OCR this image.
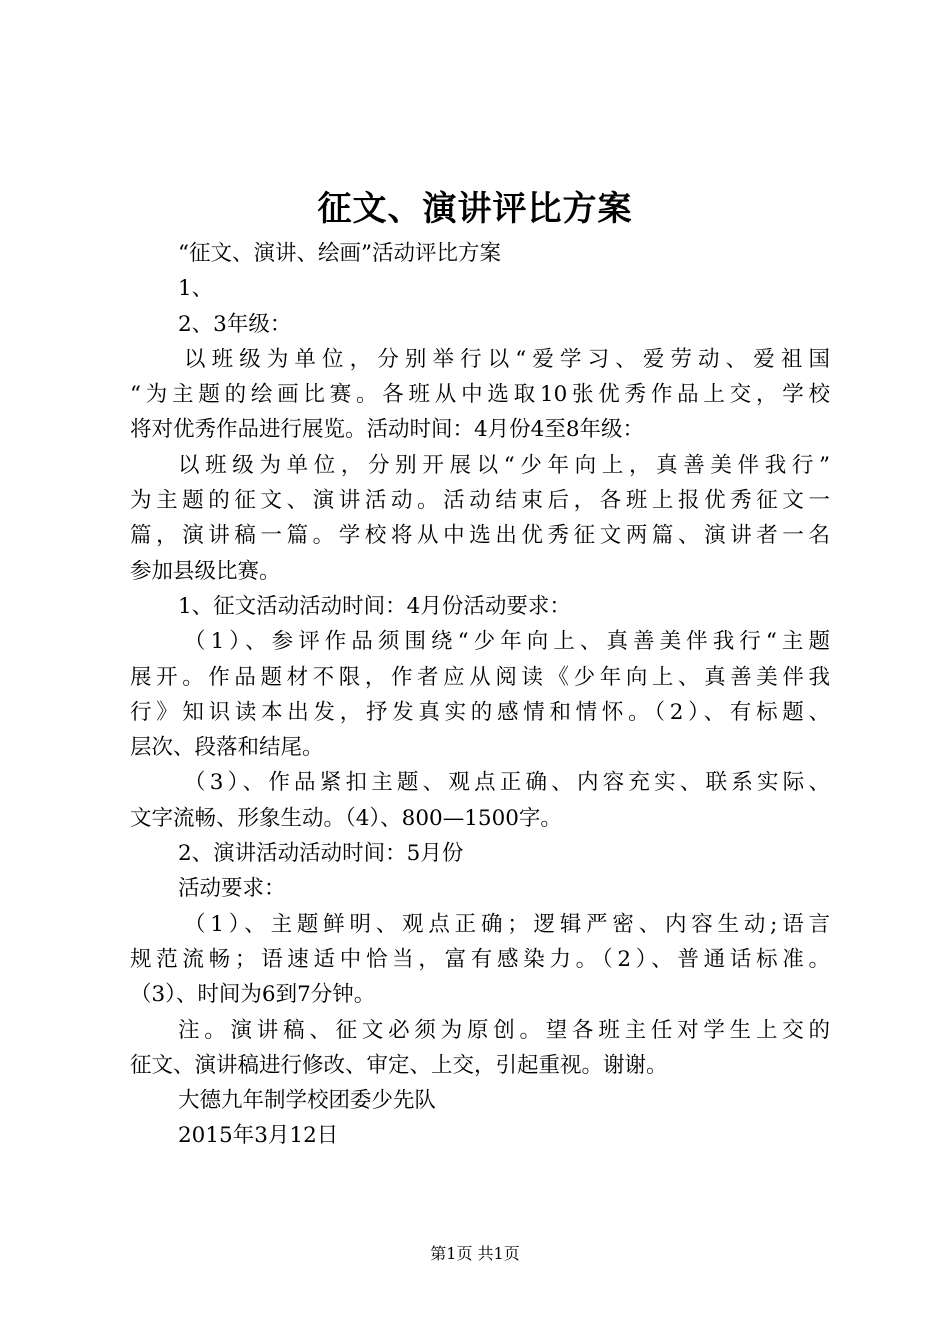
征文、演讲评比方案

“征文、演讲、绘画”活动评比方案

1、

2、3年级：

以班级为单位，分别举行以“爱学习、爱劳动、爱祖国

“为主题的绘画比赛。各班从中选取10张优秀作品上交，学校

将对优秀作品进行展览。活动时间：4月份4至8年级：

以班级为单位，分别开展以“少年向上，真善美伴我行”

为主题的征文、演讲活动。活动结束后，各班上报优秀征文一

篇，演讲稿一篇。学校将从中选出优秀征文两篇、演讲者一名

参加县级比赛。

1、征文活动活动时间：4月份活动要求：

（1）、参评作品须围绕“少年向上、真善美伴我行“主题

展开。作品题材不限，作者应从阅读《少年向上、真善美伴我

行》知识读本出发，抒发真实的感情和情怀。（2）、有标题、

层次、段落和结尾。

（3）、作品紧扣主题、观点正确、内容充实、联系实际、

文字流畅、形象生动。（4）、800—1500字。

2、演讲活动活动时间：5月份

活动要求：

（1）、主题鲜明、观点正确；逻辑严密、内容生动;语言

规范流畅；语速适中恰当，富有感染力。（2）、普通话标准。

（3）、时间为6到7分钟。

注。演讲稿、征文必须为原创。望各班主任对学生上交的

征文、演讲稿进行修改、审定、上交，引起重视。谢谢。

大德九年制学校团委少先队

2015年3月12日

第1页 共1页
